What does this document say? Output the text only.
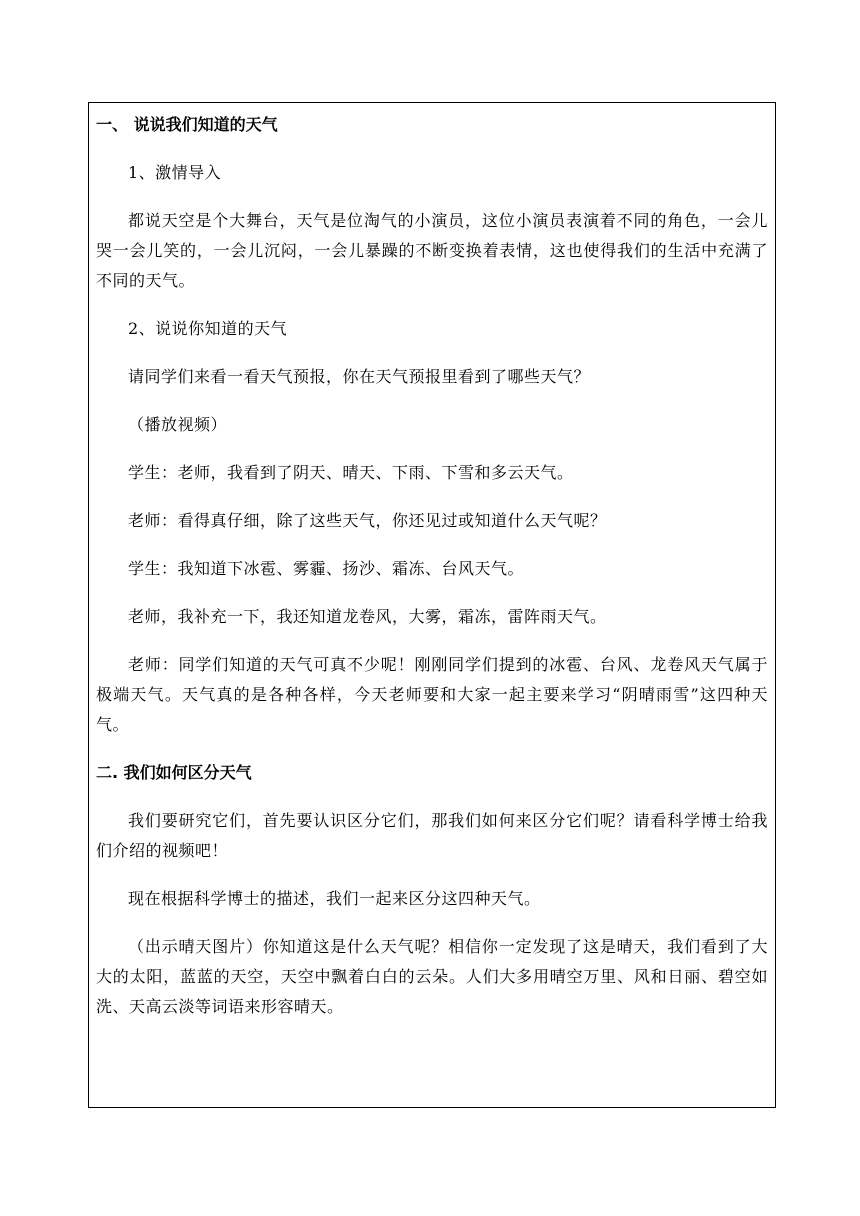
一、 说说我们知道的天气

1、激情导入

都说天空是个大舞台，天气是位淘气的小演员，这位小演员表演着不同的角色，一会儿哭一会儿笑的，一会儿沉闷，一会儿暴躁的不断变换着表情，这也使得我们的生活中充满了不同的天气。

2、说说你知道的天气

请同学们来看一看天气预报，你在天气预报里看到了哪些天气？

（播放视频）

学生：老师，我看到了阴天、晴天、下雨、下雪和多云天气。

老师：看得真仔细，除了这些天气，你还见过或知道什么天气呢？

学生：我知道下冰雹、雾霾、扬沙、霜冻、台风天气。

老师，我补充一下，我还知道龙卷风，大雾，霜冻，雷阵雨天气。

老师：同学们知道的天气可真不少呢！刚刚同学们提到的冰雹、台风、龙卷风天气属于极端天气。天气真的是各种各样，今天老师要和大家一起主要来学习“阴晴雨雪”这四种天气。

二. 我们如何区分天气

我们要研究它们，首先要认识区分它们，那我们如何来区分它们呢？请看科学博士给我们介绍的视频吧！

现在根据科学博士的描述，我们一起来区分这四种天气。

（出示晴天图片）你知道这是什么天气呢？相信你一定发现了这是晴天，我们看到了大大的太阳，蓝蓝的天空，天空中飘着白白的云朵。人们大多用晴空万里、风和日丽、碧空如洗、天高云淡等词语来形容晴天。
